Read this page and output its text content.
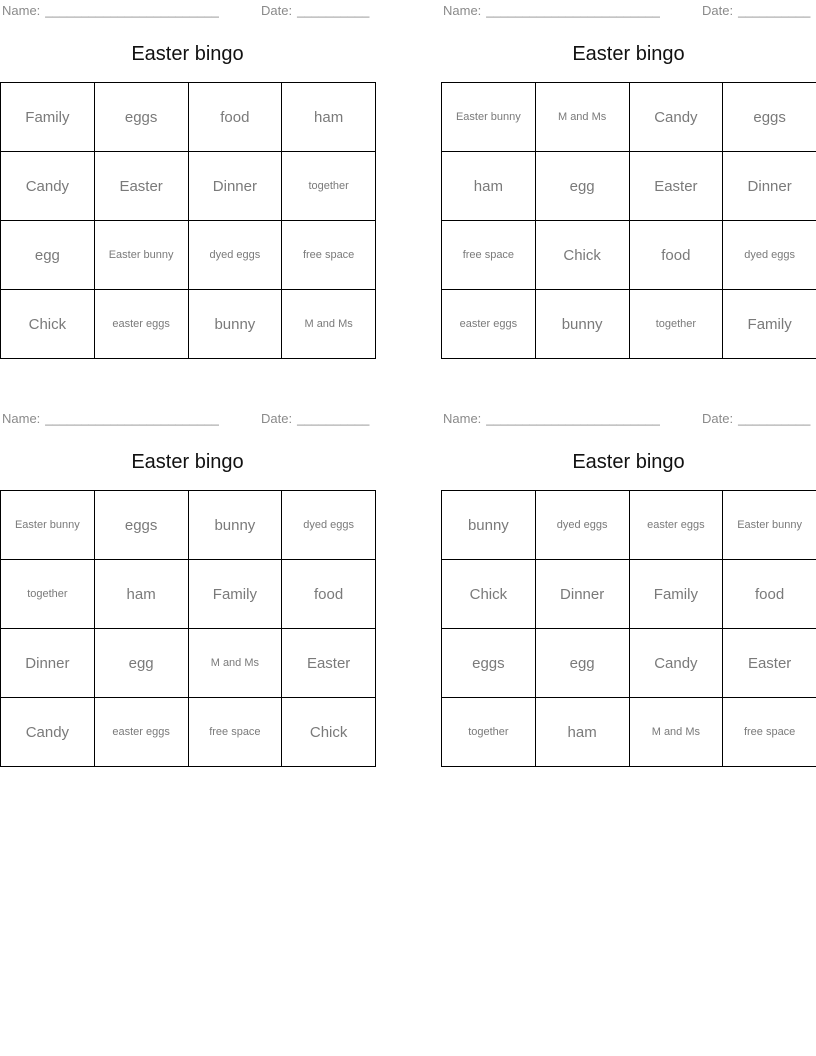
Name: ________________________	Date: __________
Easter bingo
Family	eggs	food	ham
Candy	Easter	Dinner	together
egg	Easter bunny	dyed eggs	free space
Chick	easter eggs	bunny	M and Ms
Name: ________________________	Date: __________
Easter bingo
Easter bunny	M and Ms	Candy	eggs
ham	egg	Easter	Dinner
free space	Chick	food	dyed eggs
easter eggs	bunny	together	Family
Name: ________________________	Date: __________
Easter bingo
Easter bunny	eggs	bunny	dyed eggs
together	ham	Family	food
Dinner	egg	M and Ms	Easter
Candy	easter eggs	free space	Chick
Name: ________________________	Date: __________
Easter bingo
bunny	dyed eggs	easter eggs	Easter bunny
Chick	Dinner	Family	food
eggs	egg	Candy	Easter
together	ham	M and Ms	free space
